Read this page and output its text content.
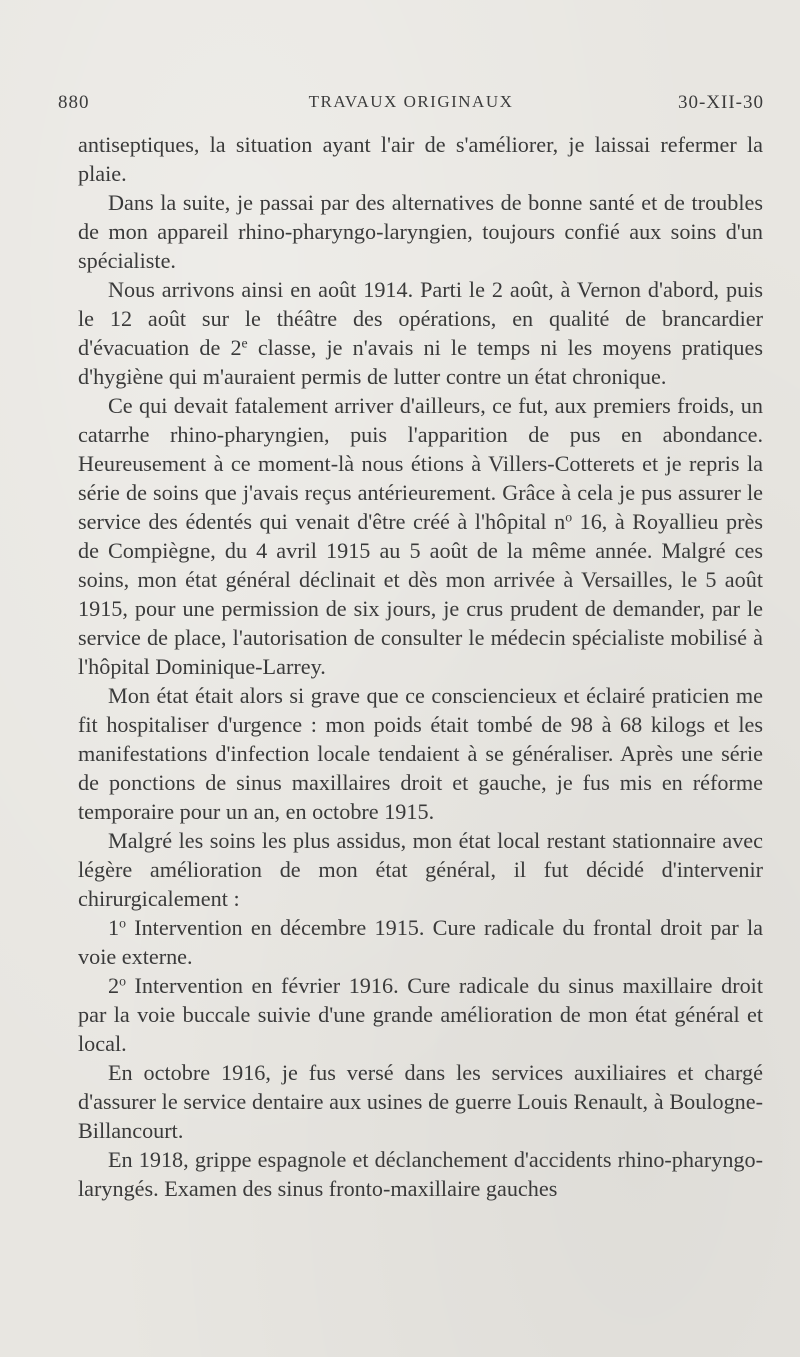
880	TRAVAUX ORIGINAUX	30-XII-30

antiseptiques, la situation ayant l'air de s'améliorer, je laissai refermer la plaie.

Dans la suite, je passai par des alternatives de bonne santé et de troubles de mon appareil rhino-pharyngo-laryngien, toujours confié aux soins d'un spécialiste.

Nous arrivons ainsi en août 1914. Parti le 2 août, à Vernon d'abord, puis le 12 août sur le théâtre des opérations, en qualité de brancardier d'évacuation de 2e classe, je n'avais ni le temps ni les moyens pratiques d'hygiène qui m'auraient permis de lutter contre un état chronique.

Ce qui devait fatalement arriver d'ailleurs, ce fut, aux premiers froids, un catarrhe rhino-pharyngien, puis l'apparition de pus en abondance. Heureusement à ce moment-là nous étions à Villers-Cotterets et je repris la série de soins que j'avais reçus antérieurement. Grâce à cela je pus assurer le service des édentés qui venait d'être créé à l'hôpital $n^o$ 16, à Royallieu près de Compiègne, du 4 avril 1915 au 5 août de la même année. Malgré ces soins, mon état général déclinait et dès mon arrivée à Versailles, le 5 août 1915, pour une permission de six jours, je crus prudent de demander, par le service de place, l'autorisation de consulter le médecin spécialiste mobilisé à l'hôpital Dominique-Larrey.

Mon état était alors si grave que ce consciencieux et éclairé praticien me fit hospitaliser d'urgence : mon poids était tombé de 98 à 68 kilogs et les manifestations d'infection locale tendaient à se généraliser. Après une série de ponctions de sinus maxillaires droit et gauche, je fus mis en réforme temporaire pour un an, en octobre 1915.

Malgré les soins les plus assidus, mon état local restant stationnaire avec légère amélioration de mon état général, il fut décidé d'intervenir chirurgicalement :

1$^o$ Intervention en décembre 1915. Cure radicale du frontal droit par la voie externe.

2$^o$ Intervention en février 1916. Cure radicale du sinus maxillaire droit par la voie buccale suivie d'une grande amélioration de mon état général et local.

En octobre 1916, je fus versé dans les services auxiliaires et chargé d'assurer le service dentaire aux usines de guerre Louis Renault, à Boulogne-Billancourt.

En 1918, grippe espagnole et déclanchement d'accidents rhino-pharyngo-laryngés. Examen des sinus fronto-maxillaire gauches
